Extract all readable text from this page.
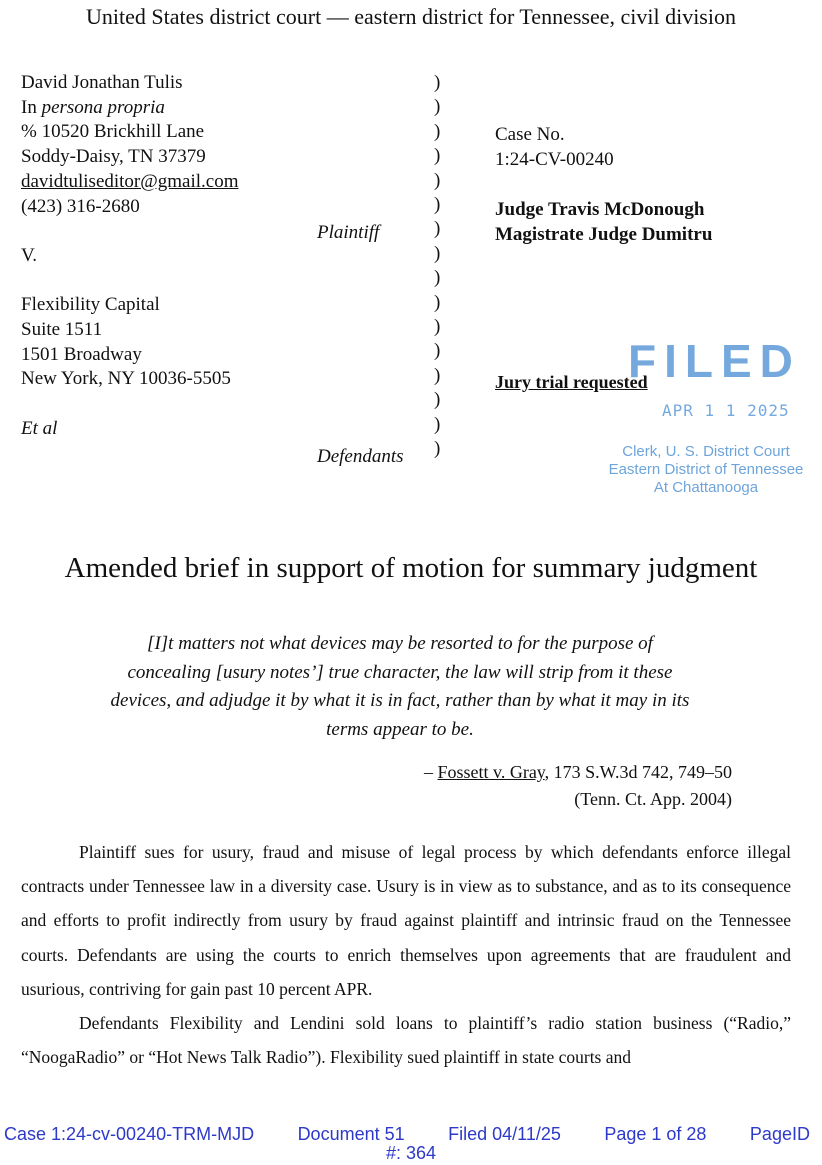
United States district court — eastern district for Tennessee, civil division
David Jonathan Tulis
In persona propria
% 10520 Brickhill Lane
Soddy-Daisy, TN 37379
davidtuliseditor@gmail.com
(423) 316-2680
V.
Flexibility Capital
Suite 1511
1501 Broadway
New York, NY 10036-5505
Et al
Plaintiff
Defendants
)
)
)
)
)
)
)
)
)
)
)
)
)
)
)
)
Case No.
1:24-CV-00240
Judge Travis McDonough
Magistrate Judge Dumitru
FILED
Jury trial requested
APR 1 1 2025
Clerk, U. S. District Court
Eastern District of Tennessee
At Chattanooga
Amended brief in support of motion for summary judgment
[I]t matters not what devices may be resorted to for the purpose of
concealing [usury notes’] true character, the law will strip from it these
devices, and adjudge it by what it is in fact, rather than by what it may in its
terms appear to be.
– Fossett v. Gray, 173 S.W.3d 742, 749–50
(Tenn. Ct. App. 2004)

Plaintiff sues for usury, fraud and misuse of legal process by which defendants enforce illegal contracts under Tennessee law in a diversity case. Usury is in view as to substance, and as to its consequence and efforts to profit indirectly from usury by fraud against plaintiff and intrinsic fraud on the Tennessee courts. Defendants are using the courts to enrich themselves upon agreements that are fraudulent and usurious, contriving for gain past 10 percent APR.

Defendants Flexibility and Lendini sold loans to plaintiff’s radio station business (“Radio,” “NoogaRadio” or “Hot News Talk Radio”). Flexibility sued plaintiff in state courts and

Case 1:24-cv-00240-TRM-MJD Document 51 Filed 04/11/25 Page 1 of 28 PageID
#: 364
